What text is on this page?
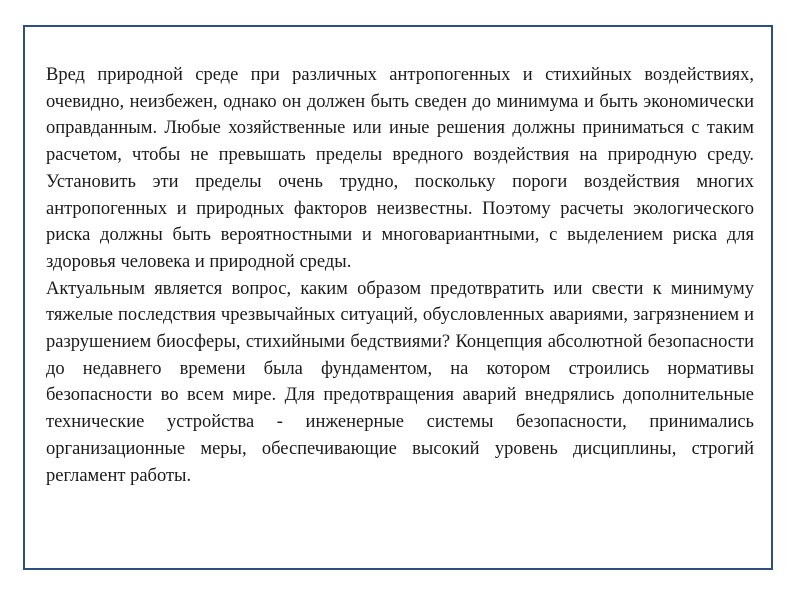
Вред природной среде при различных антропогенных и стихийных воздействиях, очевидно, неизбежен, однако он должен быть сведен до минимума и быть экономически оправданным. Любые хозяйственные или иные решения должны приниматься с таким расчетом, чтобы не превышать пределы вредного воздействия на природную среду. Установить эти пределы очень трудно, поскольку пороги воздействия многих антропогенных и природных факторов неизвестны. Поэтому расчеты экологического риска должны быть вероятностными и многовариантными, с выделением риска для здоровья человека и природной среды.

Актуальным является вопрос, каким образом предотвратить или свести к минимуму тяжелые последствия чрезвычайных ситуаций, обусловленных авариями, загрязнением и разрушением биосферы, стихийными бедствиями? Концепция абсолютной безопасности до недавнего времени была фундаментом, на котором строились нормативы безопасности во всем мире. Для предотвращения аварий внедрялись дополнительные технические устройства - инженерные системы безопасности, принимались организационные меры, обеспечивающие высокий уровень дисциплины, строгий регламент работы.
